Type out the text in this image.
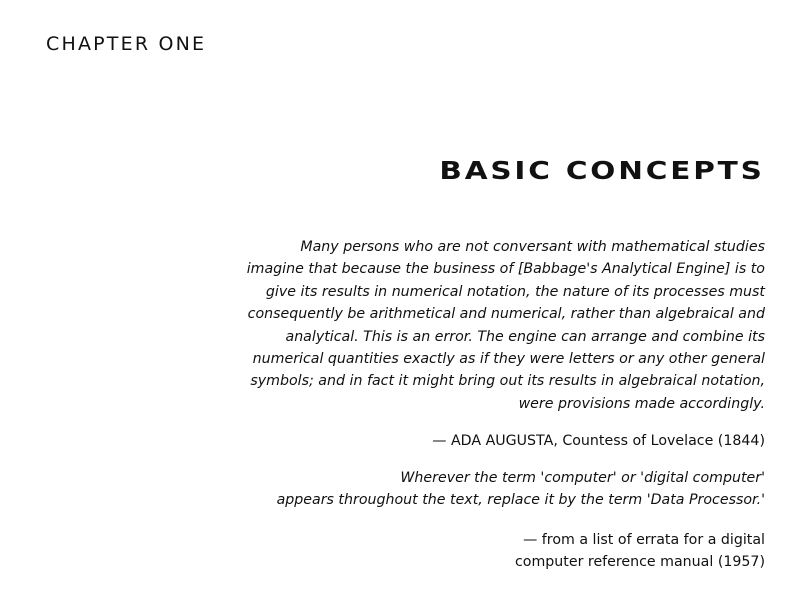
CHAPTER ONE
BASIC CONCEPTS
Many persons who are not conversant with mathematical studies
imagine that because the business of [Babbage's Analytical Engine] is to
give its results in numerical notation, the nature of its processes must
consequently be arithmetical and numerical, rather than algebraical and
analytical. This is an error. The engine can arrange and combine its
numerical quantities exactly as if they were letters or any other general
symbols; and in fact it might bring out its results in algebraical notation,
were provisions made accordingly.

— ADA AUGUSTA, Countess of Lovelace (1844)

Wherever the term 'computer' or 'digital computer'
appears throughout the text, replace it by the term 'Data Processor.'

— from a list of errata for a digital
computer reference manual (1957)
